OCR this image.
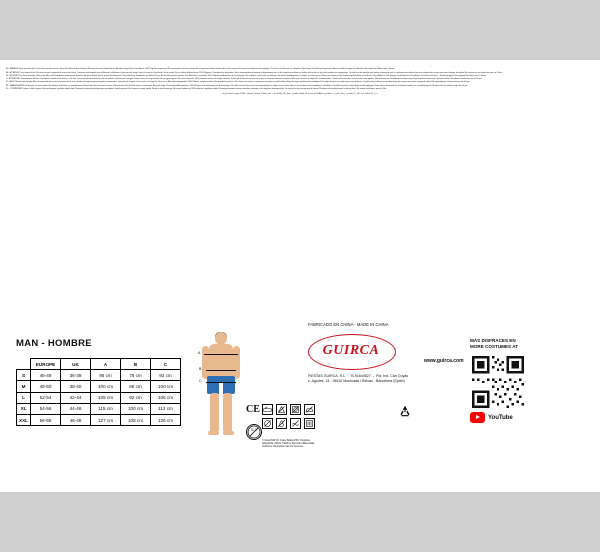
ES - ¡ADVERTENCIA! Mantener alejado del fuego. No conservar cerca de fuentes de calor. Guarda esta etiqueta para posteriores comprobaciones. Instrucciones de lavado: Lavar a mano y en agua fría. Secar colgando. No usar blanqueador. 100% Poliéster con excepción de los adornos. Recomendamos planchar el disfraz con una plancha de vapor para conseguir un mejor efecto y limpiar de arrugas resultantes del empaquetado. Este artículo no tiene que ser considerado como un juguete. Los plásticos/bolsas deben alejarse de niños para evitar el peligro de asfixia. No adecuado para niños menores de 14 años.

EN - WARNING! Keep away from fire. Do not store near heat sources. Keep this label for further checking. Washing instructions: Hand wash in cold water. Hang to dry. Do not bleach. 100% Polyester except trims. We recommend to iron the costume with a steam iron to obtain a better effect and to remove the creases resulting from the packaging. This item is not to be worn as sleepwear. Plastic bags should be kept away from children to avoid the danger of suffocation. Not suitable for children under 14 years.

FR - ATTENTION! Tenir éloigné du feu. Ne conservez pas à proximité de sources de chaleur. Conservez cette étiquette pour d'ultérieures vérifications. Instructions de lavage: Laver à la main et à l'eau froide. Sécher pendu. Ne pas utiliser de blanchissant. 100% Polyester à l'exception des décorations. Nous recommandons de repasser le déguisement avec un fer à vapeur pour obtenir un meilleur effet et ôter les plis créés pendant son empaquetage. Cet article ne doit pas être porté comme vêtement de nuit. Les plastiques/sacs doivent être tenus éloignés des enfants pour éviter le danger d'asphyxie. Ne convient pas aux enfants de moins de 14 ans.

DE - ACHTUNG! Von Feuer fernhalten. Nicht in der Nähe von Wärmequellen aufbewahren. Bewahren Sie dieses Etikett bitte für spätere Rückfragen auf. Waschanleitung: Handwäsche mit kaltem Wasser. Auf der Wäscheleine trocknen. Kein Bleichmittel verwenden. 100% Polyester mit Ausnahme der Verzierungen. Wir empfehlen, das Kostüm vor Gebrauch mit einem Dampfbügeleisen zu bügeln, um eine bessere Wirkung zu erzielen und die Verpackungsknitterfalten zu entfernen. Dieser Artikel ist nicht geeignet als Nachtwäsche. Plastiktüten von Kindern fernhalten — Erstickungsgefahr. Nicht geeignet für Kinder unter 14 Jahren.

IT - ATTENZIONE! Tenere lontano dal fuoco. Non adatto a bambini di età inferiore a 14 anni. Conservare questa etichetta per ulteriori verifiche. Istruzioni per il lavaggio: Lavare a mano e in acqua fredda. Far asciugare appeso. Non usare sbiancanti. 100% poliestere ad eccezione degli ornamenti. Si consiglia di stirare il costume con un ferro a vapore per ottenere un migliore effetto e per eliminare le pieghe del confezionamento. Questo articolo non deve essere portato come pigiama. I plastici/sacchi non dovrebbero consentire a giocar fgio di giochino indossando il presente articolo. Non adatto ai bambini di meno di 14 anni.

PT - AVISO! Manter longe do fogo. Não está apropriado para crianças menores de 14 anos. Guarde esta etiqueta para posteriores comprovações. Instruções de lavagem: Lavar à mão e em água fria. Secar ao ar. Não utilizar branqueador. 100% Poliéster, excepto os efeitos. Recomendamos passar o fato a ferro com um ferro a vapor para conseguir um melhor efeito e limpar de rugas resultantes da embalagem. Este artigo não deve ser usado como roupa de dormir. Os plásticos/sacos devem ser mantidos longe das crianças para evitar o perigo de asfixia. Não adequado para crianças menores de 14 anos.

NL - WAARSCHUWING! Uit de buurt van vuur houden. Niet bewaren in de buurt van warmtebronnen. Bewaar dit etiket voor latere controles. Wasinstructies: Met de hand wassen in koud water. Hangend drogen. Geen bleekmiddel gebruiken. 100% Polyester met uitzondering van de versieringen. Wij raden aan het kostuum met een stoomstrijkijzer te strijken voor een beter effect en om kreuken van de verpakking te verwijderen. Dit artikel mag niet als nachtkleding worden gedragen. Plastic zakken buiten bereik van kinderen houden i.v.m. verstikkingsgevaar. Niet geschikt voor kinderen jonger dan 14 jaar.

PL - OSTRZEŻENIE! Trzymać z dala od ognia. Nie przechowywać w pobliżu źródeł ciepła. Zachowaj tę etykietę do późniejszego sprawdzenia. Instrukcja prania: Prać ręcznie w zimnej wodzie. Suszyć w stanie wiszącym. Nie używać wybielaczy. 100% poliester z wyjątkiem ozdób. Zalecamy prasowanie kostiumu żelazkiem parowym w celu uzyskania lepszego efektu. Ten artykuł nie jest przeznaczony do spania. Plastikowe torby należy trzymać z dala od dzieci. Nie nadaje się dla dzieci poniżej 14 lat.

تحذير! إلا تستعمل قرب النار. لا تحفظ قرب مصادر الحرارة. احتفظ بهذه البطاقة للمراجعة لاحقا. تعليمات الغسيل: يغسل باليد وبالماء البارد. ينشر معلقا. لا تستعمل المبيضات. 100% بوليستر باستثناء الزينة.

MAN - HOMBRE
	EUROPE	UK	A	B	C
S	46-48	36-38	95 cm	76 cm	92 cm
M	48-50	38-40	100 cm	86 cm	100 cm
L	52-54	42-44	105 cm	92 cm	106 cm
XL	54-56	44-46	115 cm	100 cm	112 cm
XXL	56-58	46-48	127 cm	108 cm	126 cm
A
B
C
FABRICADO EN CHINA - MADE IN CHINA
GUIRCA
www.guirca.com
FIESTAS GUIRCA, S.L.  -  B-91640827  -  Pol. Ind. Can Cuyàs
c. Aguiles, 14 - 08110 Montcada i Reixac - Barcelona (Spain)
CE
0-3
© Ciuta P&P 2/I. Ciuta, Budca PPA. Periodos, Adjustable, PECS, Plastica, Recuditu differentiate Verifica le disposizioni del tuo Comune.
MÁS DISFRACES EN
MORE COSTUMES AT
YouTube
